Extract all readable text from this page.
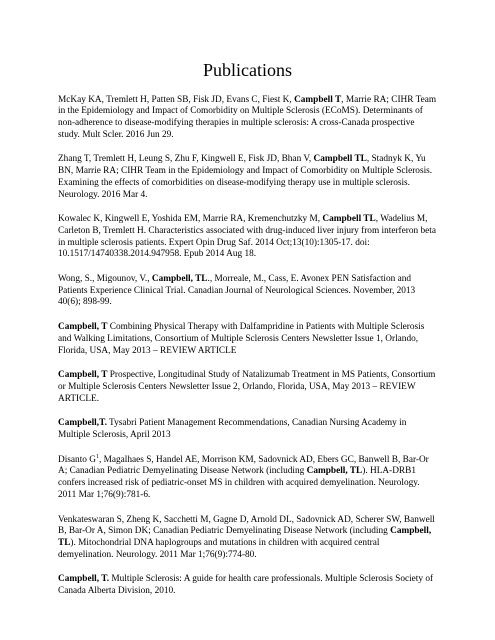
Publications

McKay KA, Tremlett H, Patten SB, Fisk JD, Evans C, Fiest K, Campbell T, Marrie RA; CIHR Team in the Epidemiology and Impact of Comorbidity on Multiple Sclerosis (ECoMS). Determinants of non-adherence to disease-modifying therapies in multiple sclerosis: A cross-Canada prospective study. Mult Scler. 2016 Jun 29.

Zhang T, Tremlett H, Leung S, Zhu F, Kingwell E, Fisk JD, Bhan V, Campbell TL, Stadnyk K, Yu BN, Marrie RA; CIHR Team in the Epidemiology and Impact of Comorbidity on Multiple Sclerosis. Examining the effects of comorbidities on disease-modifying therapy use in multiple sclerosis. Neurology. 2016 Mar 4.

Kowalec K, Kingwell E, Yoshida EM, Marrie RA, Kremenchutzky M, Campbell TL, Wadelius M, Carleton B, Tremlett H. Characteristics associated with drug-induced liver injury from interferon beta in multiple sclerosis patients. Expert Opin Drug Saf. 2014 Oct;13(10):1305-17. doi: 10.1517/14740338.2014.947958. Epub 2014 Aug 18.

Wong, S., Migounov, V., Campbell, TL., Morreale, M., Cass, E. Avonex PEN Satisfaction and Patients Experience Clinical Trial. Canadian Journal of Neurological Sciences. November, 2013 40(6); 898-99.

Campbell, T Combining Physical Therapy with Dalfampridine in Patients with Multiple Sclerosis and Walking Limitations, Consortium of Multiple Sclerosis Centers Newsletter Issue 1, Orlando, Florida, USA, May 2013 – REVIEW ARTICLE

Campbell, T Prospective, Longitudinal Study of Natalizumab Treatment in MS Patients, Consortium or Multiple Sclerosis Centers Newsletter Issue 2, Orlando, Florida, USA, May 2013 – REVIEW ARTICLE.

Campbell,T. Tysabri Patient Management Recommendations, Canadian Nursing Academy in Multiple Sclerosis, April 2013

Disanto $G^1$, Magalhaes S, Handel AE, Morrison KM, Sadovnick AD, Ebers GC, Banwell B, Bar-Or A; Canadian Pediatric Demyelinating Disease Network (including Campbell, TL). HLA-DRB1 confers increased risk of pediatric-onset MS in children with acquired demyelination. Neurology. 2011 Mar 1;76(9):781-6.

Venkateswaran S, Zheng K, Sacchetti M, Gagne D, Arnold DL, Sadovnick AD, Scherer SW, Banwell B, Bar-Or A, Simon DK; Canadian Pediatric Demyelinating Disease Network (including Campbell, TL). Mitochondrial DNA haplogroups and mutations in children with acquired central demyelination. Neurology. 2011 Mar 1;76(9):774-80.

Campbell, T. Multiple Sclerosis: A guide for health care professionals. Multiple Sclerosis Society of Canada Alberta Division, 2010.
